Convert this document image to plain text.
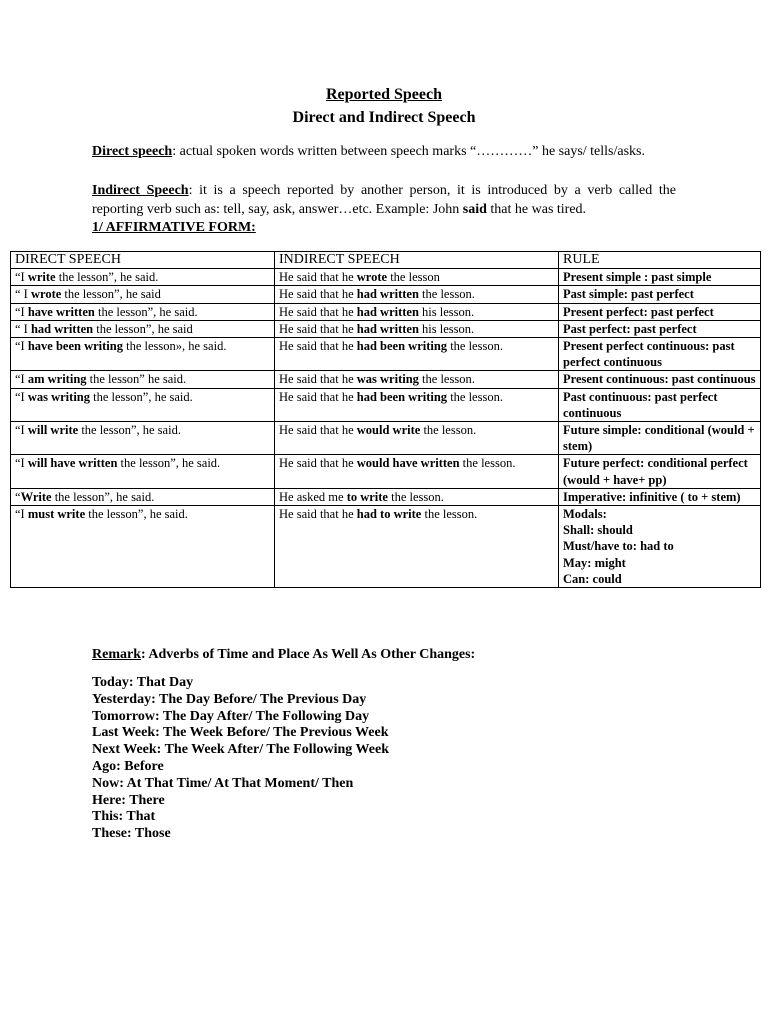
Reported Speech
Direct and Indirect Speech
Direct speech: actual spoken words written between speech marks “…………” he says/ tells/asks.
Indirect Speech: it is a speech reported by another person, it is introduced by a verb called the reporting verb such as: tell, say, ask, answer…etc. Example: John said that he was tired.
1/ AFFIRMATIVE FORM:
DIRECT SPEECH	INDIRECT SPEECH	RULE
“I write the lesson”, he said.	He said that he wrote the lesson	Present simple : past simple
“ I wrote the lesson”, he said	He said that he had written the lesson.	Past simple: past perfect
“I have written the lesson”, he said.	He said that he had written his lesson.	Present perfect: past perfect
“ I had written the lesson”, he said	He said that he had written his lesson.	Past perfect: past perfect
“I have been writing the lesson», he said.	He said that he had been writing the lesson.	Present perfect continuous: past perfect continuous
“I am writing the lesson” he said.	He said that he was writing the lesson.	Present continuous: past continuous
“I was writing the lesson”, he said.	He said that he had been writing the lesson.	Past continuous: past perfect continuous
“I will write the lesson”, he said.	He said that he would write the lesson.	Future simple: conditional (would + stem)
“I will have written the lesson”, he said.	He said that he would have written the lesson.	Future perfect: conditional perfect (would + have+ pp)
“Write the lesson”, he said.	He asked me to write the lesson.	Imperative: infinitive ( to + stem)
“I must write the lesson”, he said.	He said that he had to write the lesson.	Modals:
Shall: should
Must/have to: had to
May: might
Can: could
Remark: Adverbs of Time and Place As Well As Other Changes:
Today: That Day
Yesterday: The Day Before/ The Previous Day
Tomorrow: The Day After/ The Following Day
Last Week: The Week Before/ The Previous Week
Next Week: The Week After/ The Following Week
Ago: Before
Now: At That Time/ At That Moment/ Then
Here: There
This: That
These: Those
